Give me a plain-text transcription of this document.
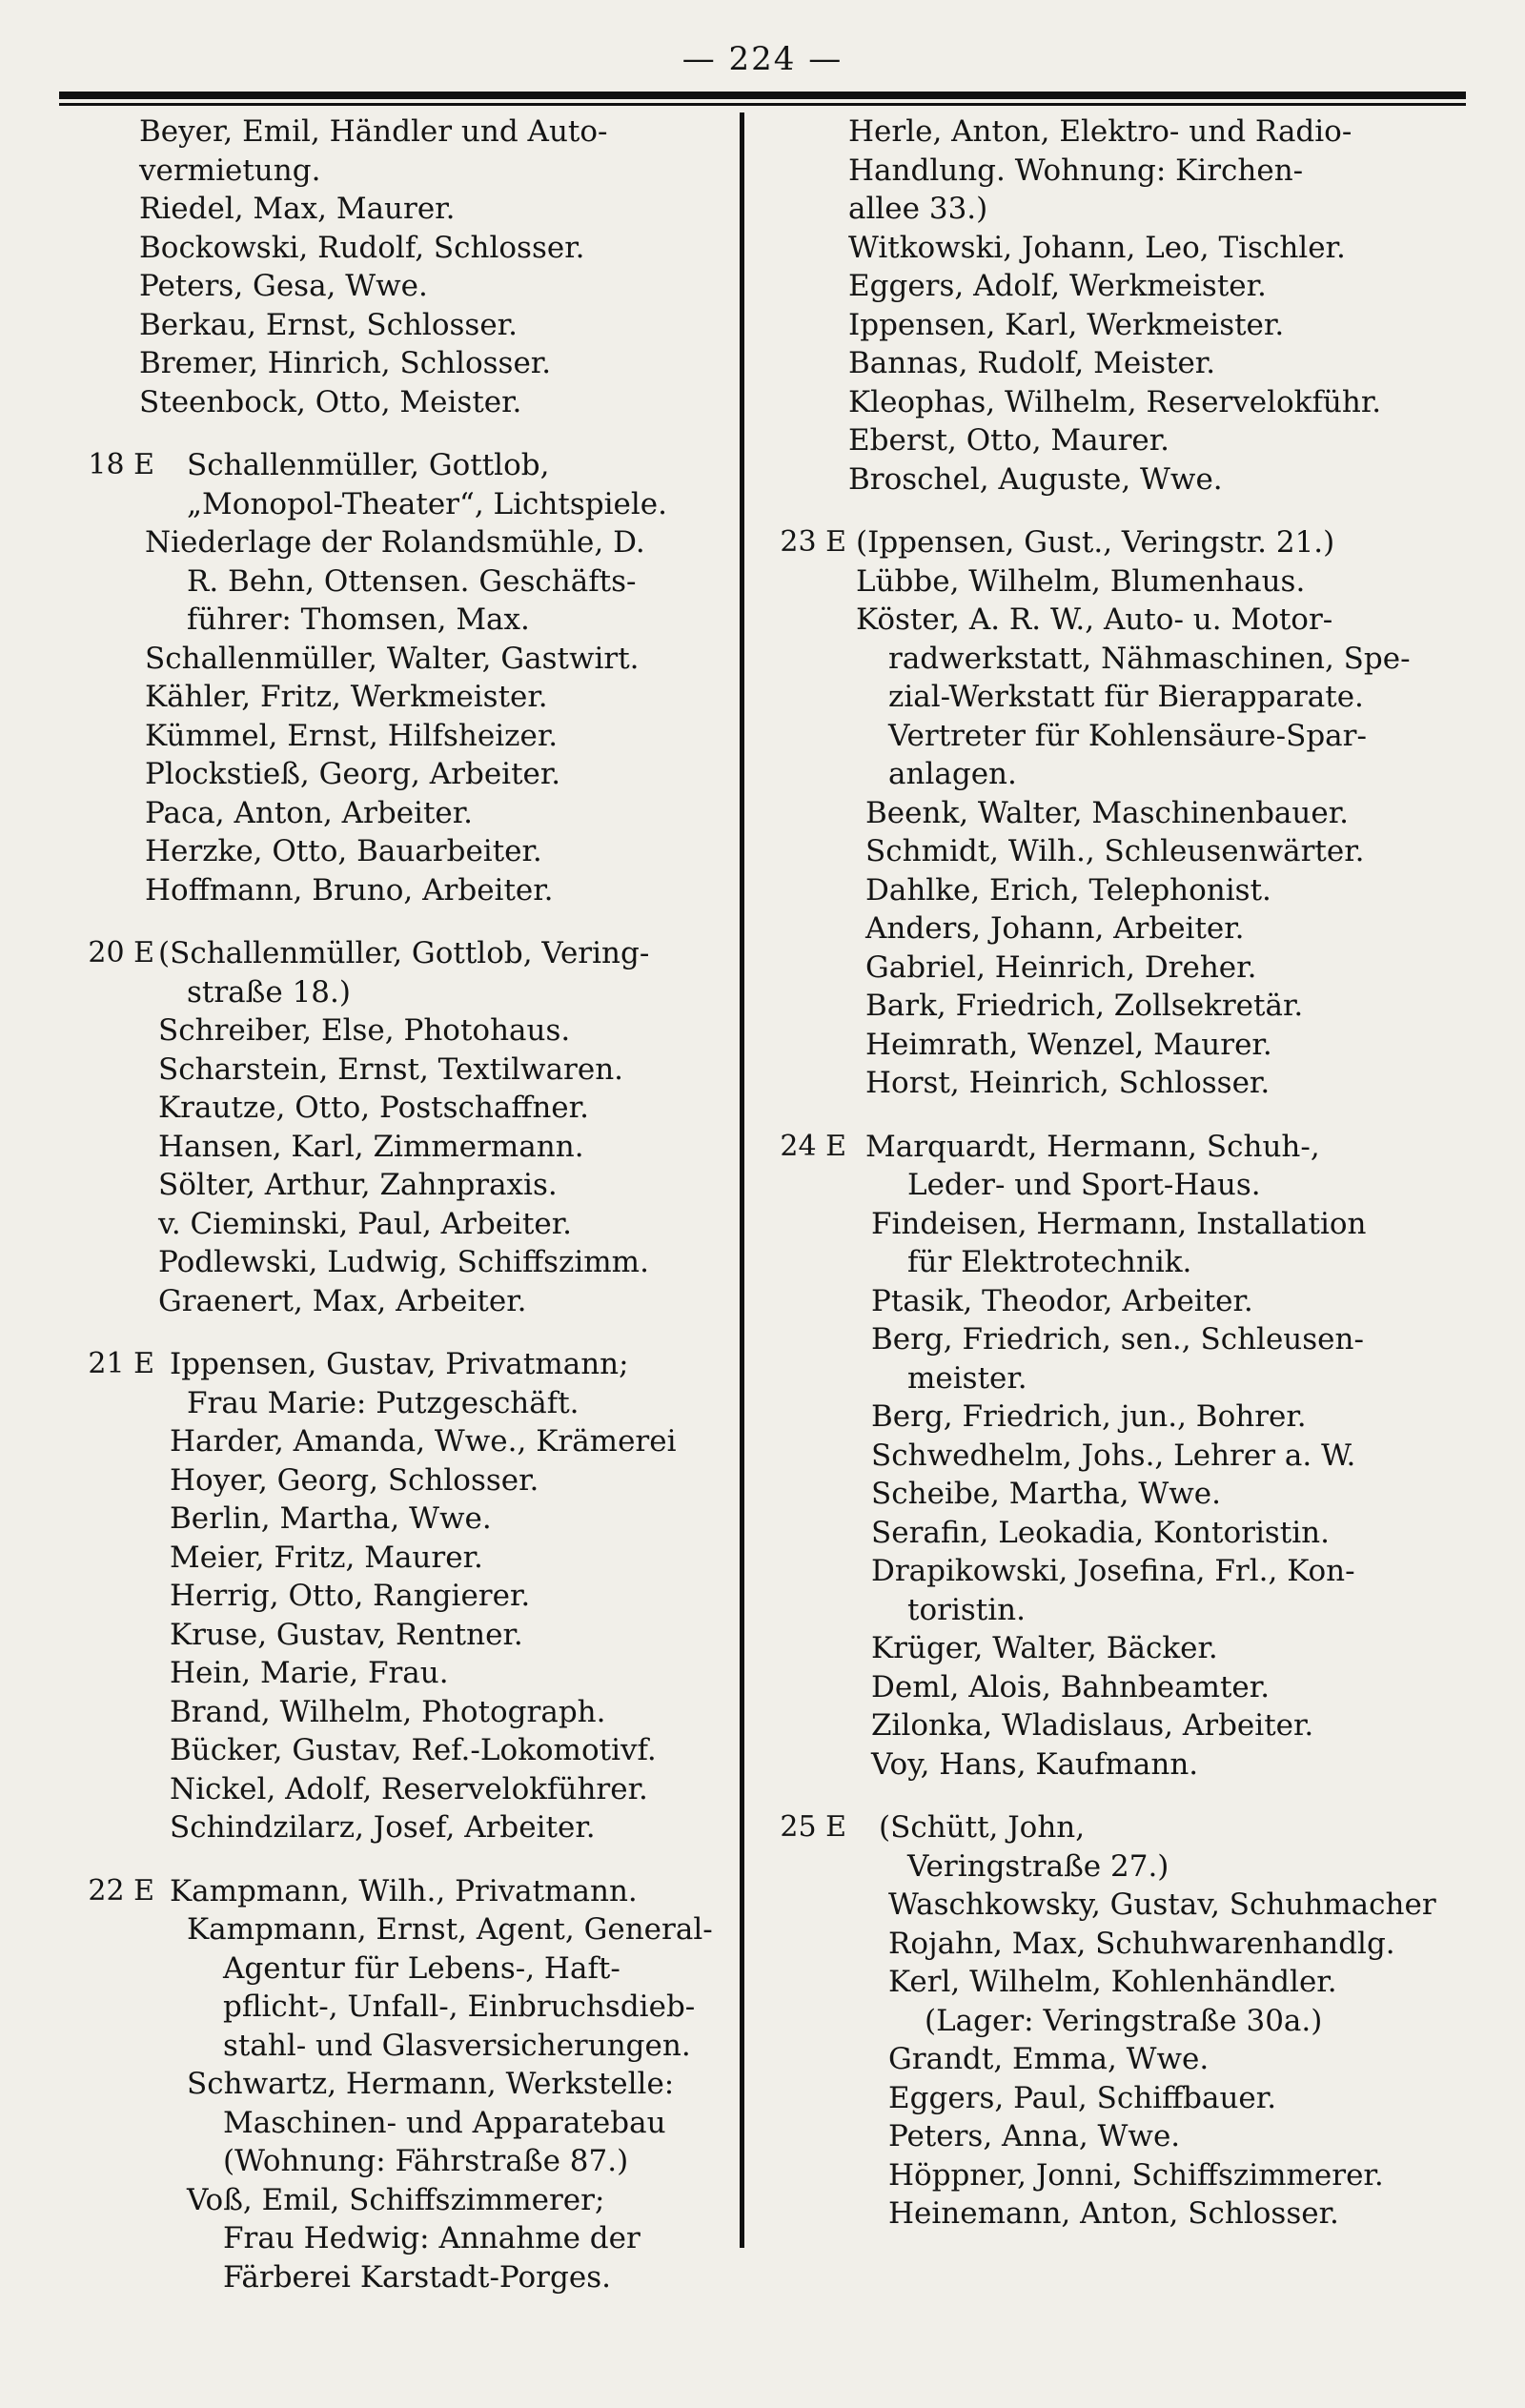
— 224 —
Beyer, Emil, Händler und Auto-
vermietung.
Riedel, Max, Maurer.
Bockowski, Rudolf, Schlosser.
Peters, Gesa, Wwe.
Berkau, Ernst, Schlosser.
Bremer, Hinrich, Schlosser.
Steenbock, Otto, Meister.
18 E	Schallenmüller, Gottlob,
„Monopol-Theater“, Lichtspiele.
Niederlage der Rolandsmühle, D.
R. Behn, Ottensen. Geschäfts-
führer: Thomsen, Max.
Schallenmüller, Walter, Gastwirt.
Kähler, Fritz, Werkmeister.
Kümmel, Ernst, Hilfsheizer.
Plockstieß, Georg, Arbeiter.
Paca, Anton, Arbeiter.
Herzke, Otto, Bauarbeiter.
Hoffmann, Bruno, Arbeiter.
20 E (Schallenmüller, Gottlob, Vering-
straße 18.)
Schreiber, Else, Photohaus.
Scharstein, Ernst, Textilwaren.
Krautze, Otto, Postschaffner.
Hansen, Karl, Zimmermann.
Sölter, Arthur, Zahnpraxis.
v. Cieminski, Paul, Arbeiter.
Podlewski, Ludwig, Schiffszimm.
Graenert, Max, Arbeiter.
21 E Ippensen, Gustav, Privatmann;
Frau Marie: Putzgeschäft.
Harder, Amanda, Wwe., Krämerei
Hoyer, Georg, Schlosser.
Berlin, Martha, Wwe.
Meier, Fritz, Maurer.
Herrig, Otto, Rangierer.
Kruse, Gustav, Rentner.
Hein, Marie, Frau.
Brand, Wilhelm, Photograph.
Bücker, Gustav, Ref.-Lokomotivf.
Nickel, Adolf, Reservelokführer.
Schindzilarz, Josef, Arbeiter.
22 E Kampmann, Wilh., Privatmann.
Kampmann, Ernst, Agent, General-
Agentur für Lebens-, Haft-
pflicht-, Unfall-, Einbruchsdieb-
stahl- und Glasversicherungen.
Schwartz, Hermann, Werkstelle:
Maschinen- und Apparatebau
(Wohnung: Fährstraße 87.)
Voß, Emil, Schiffszimmerer;
Frau Hedwig: Annahme der
Färberei Karstadt-Porges.
Herle, Anton, Elektro- und Radio-
Handlung. Wohnung: Kirchen-
allee 33.)
Witkowski, Johann, Leo, Tischler.
Eggers, Adolf, Werkmeister.
Ippensen, Karl, Werkmeister.
Bannas, Rudolf, Meister.
Kleophas, Wilhelm, Reservelokführ.
Eberst, Otto, Maurer.
Broschel, Auguste, Wwe.
23 E (Ippensen, Gust., Veringstr. 21.)
Lübbe, Wilhelm, Blumenhaus.
Köster, A. R. W., Auto- u. Motor-
radwerkstatt, Nähmaschinen, Spe-
zial-Werkstatt für Bierapparate.
Vertreter für Kohlensäure-Spar-
anlagen.
Beenk, Walter, Maschinenbauer.
Schmidt, Wilh., Schleusenwärter.
Dahlke, Erich, Telephonist.
Anders, Johann, Arbeiter.
Gabriel, Heinrich, Dreher.
Bark, Friedrich, Zollsekretär.
Heimrath, Wenzel, Maurer.
Horst, Heinrich, Schlosser.
24 E Marquardt, Hermann, Schuh-,
Leder- und Sport-Haus.
Findeisen, Hermann, Installation
für Elektrotechnik.
Ptasik, Theodor, Arbeiter.
Berg, Friedrich, sen., Schleusen-
meister.
Berg, Friedrich, jun., Bohrer.
Schwedhelm, Johs., Lehrer a. W.
Scheibe, Martha, Wwe.
Serafin, Leokadia, Kontoristin.
Drapikowski, Josefina, Frl., Kon-
toristin.
Krüger, Walter, Bäcker.
Deml, Alois, Bahnbeamter.
Zilonka, Wladislaus, Arbeiter.
Voy, Hans, Kaufmann.
25 E	(Schütt, John,
Veringstraße 27.)
Waschkowsky, Gustav, Schuhmacher
Rojahn, Max, Schuhwarenhandlg.
Kerl, Wilhelm, Kohlenhändler.
(Lager: Veringstraße 30a.)
Grandt, Emma, Wwe.
Eggers, Paul, Schiffbauer.
Peters, Anna, Wwe.
Höppner, Jonni, Schiffszimmerer.
Heinemann, Anton, Schlosser.
